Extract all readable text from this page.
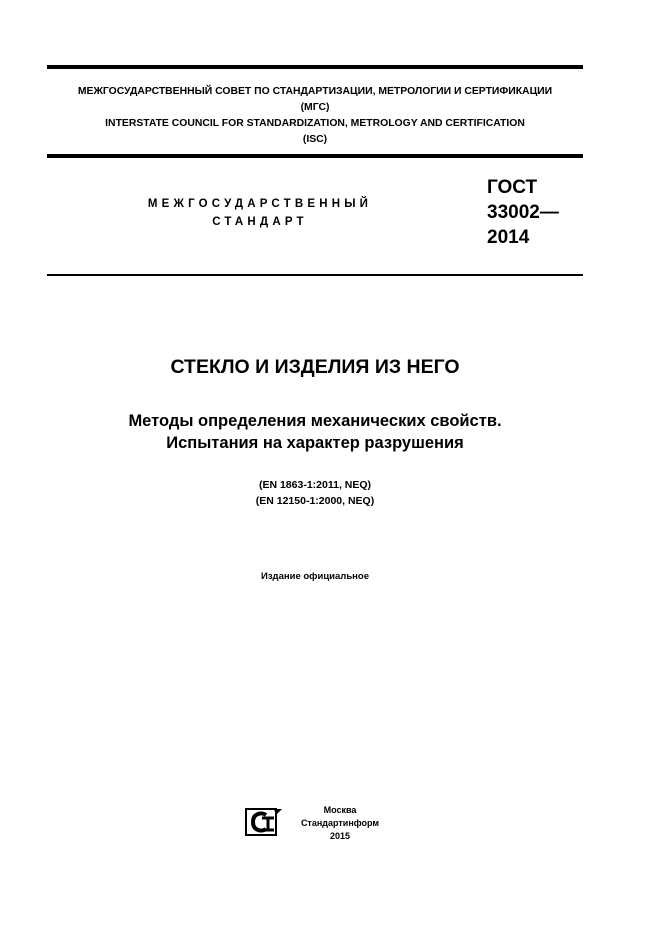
МЕЖГОСУДАРСТВЕННЫЙ СОВЕТ ПО СТАНДАРТИЗАЦИИ, МЕТРОЛОГИИ И СЕРТИФИКАЦИИ
(МГС)
INTERSTATE COUNCIL FOR STANDARDIZATION, METROLOGY AND CERTIFICATION
(ISC)
МЕЖГОСУДАРСТВЕННЫЙ
СТАНДАРТ
ГОСТ
33002—
2014
СТЕКЛО И ИЗДЕЛИЯ ИЗ НЕГО
Методы определения механических свойств.
Испытания на характер разрушения
(EN 1863-1:2011, NEQ)
(EN 12150-1:2000, NEQ)
Издание официальное
Москва
Стандартинформ
2015
